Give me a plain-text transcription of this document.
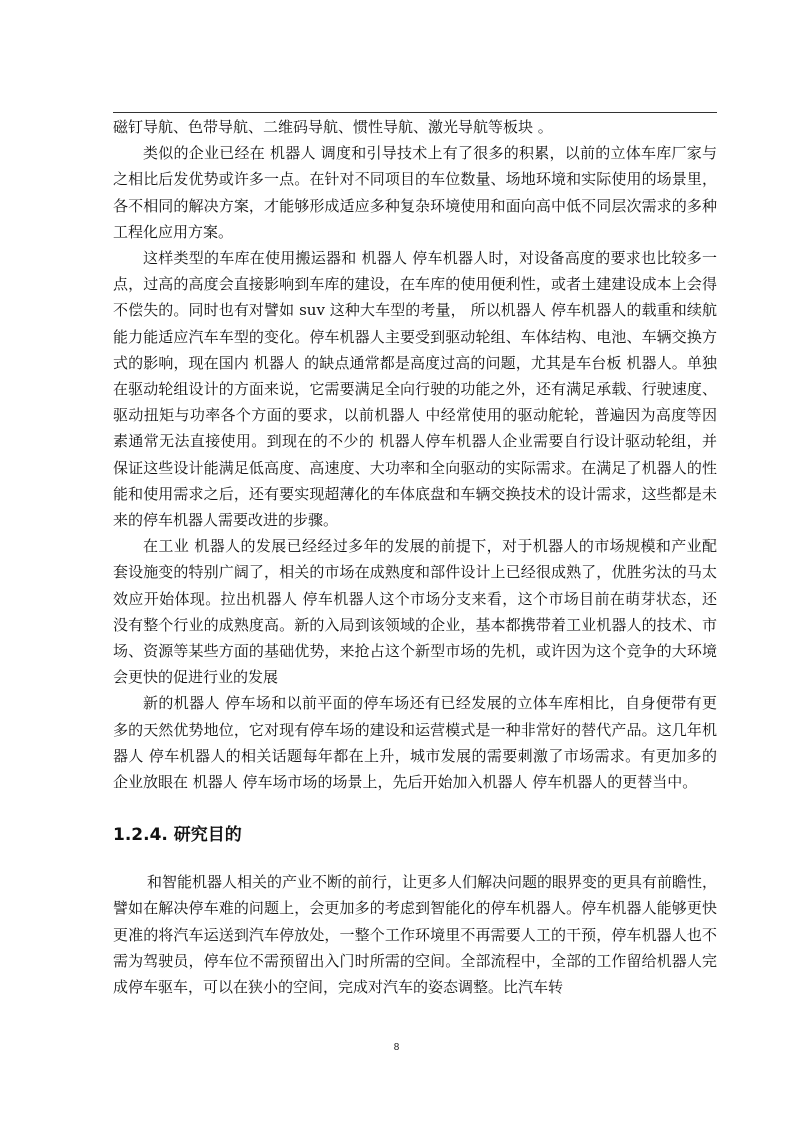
磁钉导航、色带导航、二维码导航、惯性导航、激光导航等板块 。

类似的企业已经在 机器人 调度和引导技术上有了很多的积累，以前的立体车库厂家与之相比后发优势或许多一点。在针对不同项目的车位数量、场地环境和实际使用的场景里，各不相同的解决方案，才能够形成适应多种复杂环境使用和面向高中低不同层次需求的多种工程化应用方案。

这样类型的车库在使用搬运器和 机器人 停车机器人时，对设备高度的要求也比较多一点，过高的高度会直接影响到车库的建设，在车库的使用便利性，或者土建建设成本上会得不偿失的。同时也有对譬如 suv 这种大车型的考量， 所以机器人 停车机器人的载重和续航能力能适应汽车车型的变化。停车机器人主要受到驱动轮组、车体结构、电池、车辆交换方式的影响，现在国内 机器人 的缺点通常都是高度过高的问题，尤其是车台板 机器人。单独在驱动轮组设计的方面来说，它需要满足全向行驶的功能之外，还有满足承载、行驶速度、驱动扭矩与功率各个方面的要求，以前机器人 中经常使用的驱动舵轮，普遍因为高度等因素通常无法直接使用。到现在的不少的 机器人停车机器人企业需要自行设计驱动轮组，并保证这些设计能满足低高度、高速度、大功率和全向驱动的实际需求。在满足了机器人的性能和使用需求之后，还有要实现超薄化的车体底盘和车辆交换技术的设计需求，这些都是未来的停车机器人需要改进的步骤。

在工业 机器人的发展已经经过多年的发展的前提下，对于机器人的市场规模和产业配套设施变的特别广阔了，相关的市场在成熟度和部件设计上已经很成熟了，优胜劣汰的马太效应开始体现。拉出机器人 停车机器人这个市场分支来看，这个市场目前在萌芽状态，还没有整个行业的成熟度高。新的入局到该领域的企业，基本都携带着工业机器人的技术、市场、资源等某些方面的基础优势，来抢占这个新型市场的先机，或许因为这个竞争的大环境会更快的促进行业的发展

新的机器人 停车场和以前平面的停车场还有已经发展的立体车库相比，自身便带有更多的天然优势地位，它对现有停车场的建设和运营模式是一种非常好的替代产品。这几年机器人 停车机器人的相关话题每年都在上升，城市发展的需要刺激了市场需求。有更加多的企业放眼在 机器人 停车场市场的场景上，先后开始加入机器人 停车机器人的更替当中。

1.2.4. 研究目的

和智能机器人相关的产业不断的前行，让更多人们解决问题的眼界变的更具有前瞻性，譬如在解决停车难的问题上，会更加多的考虑到智能化的停车机器人。停车机器人能够更快更准的将汽车运送到汽车停放处，一整个工作环境里不再需要人工的干预，停车机器人也不需为驾驶员，停车位不需预留出入门时所需的空间。全部流程中，全部的工作留给机器人完成停车驱车，可以在狭小的空间，完成对汽车的姿态调整。比汽车转

8
